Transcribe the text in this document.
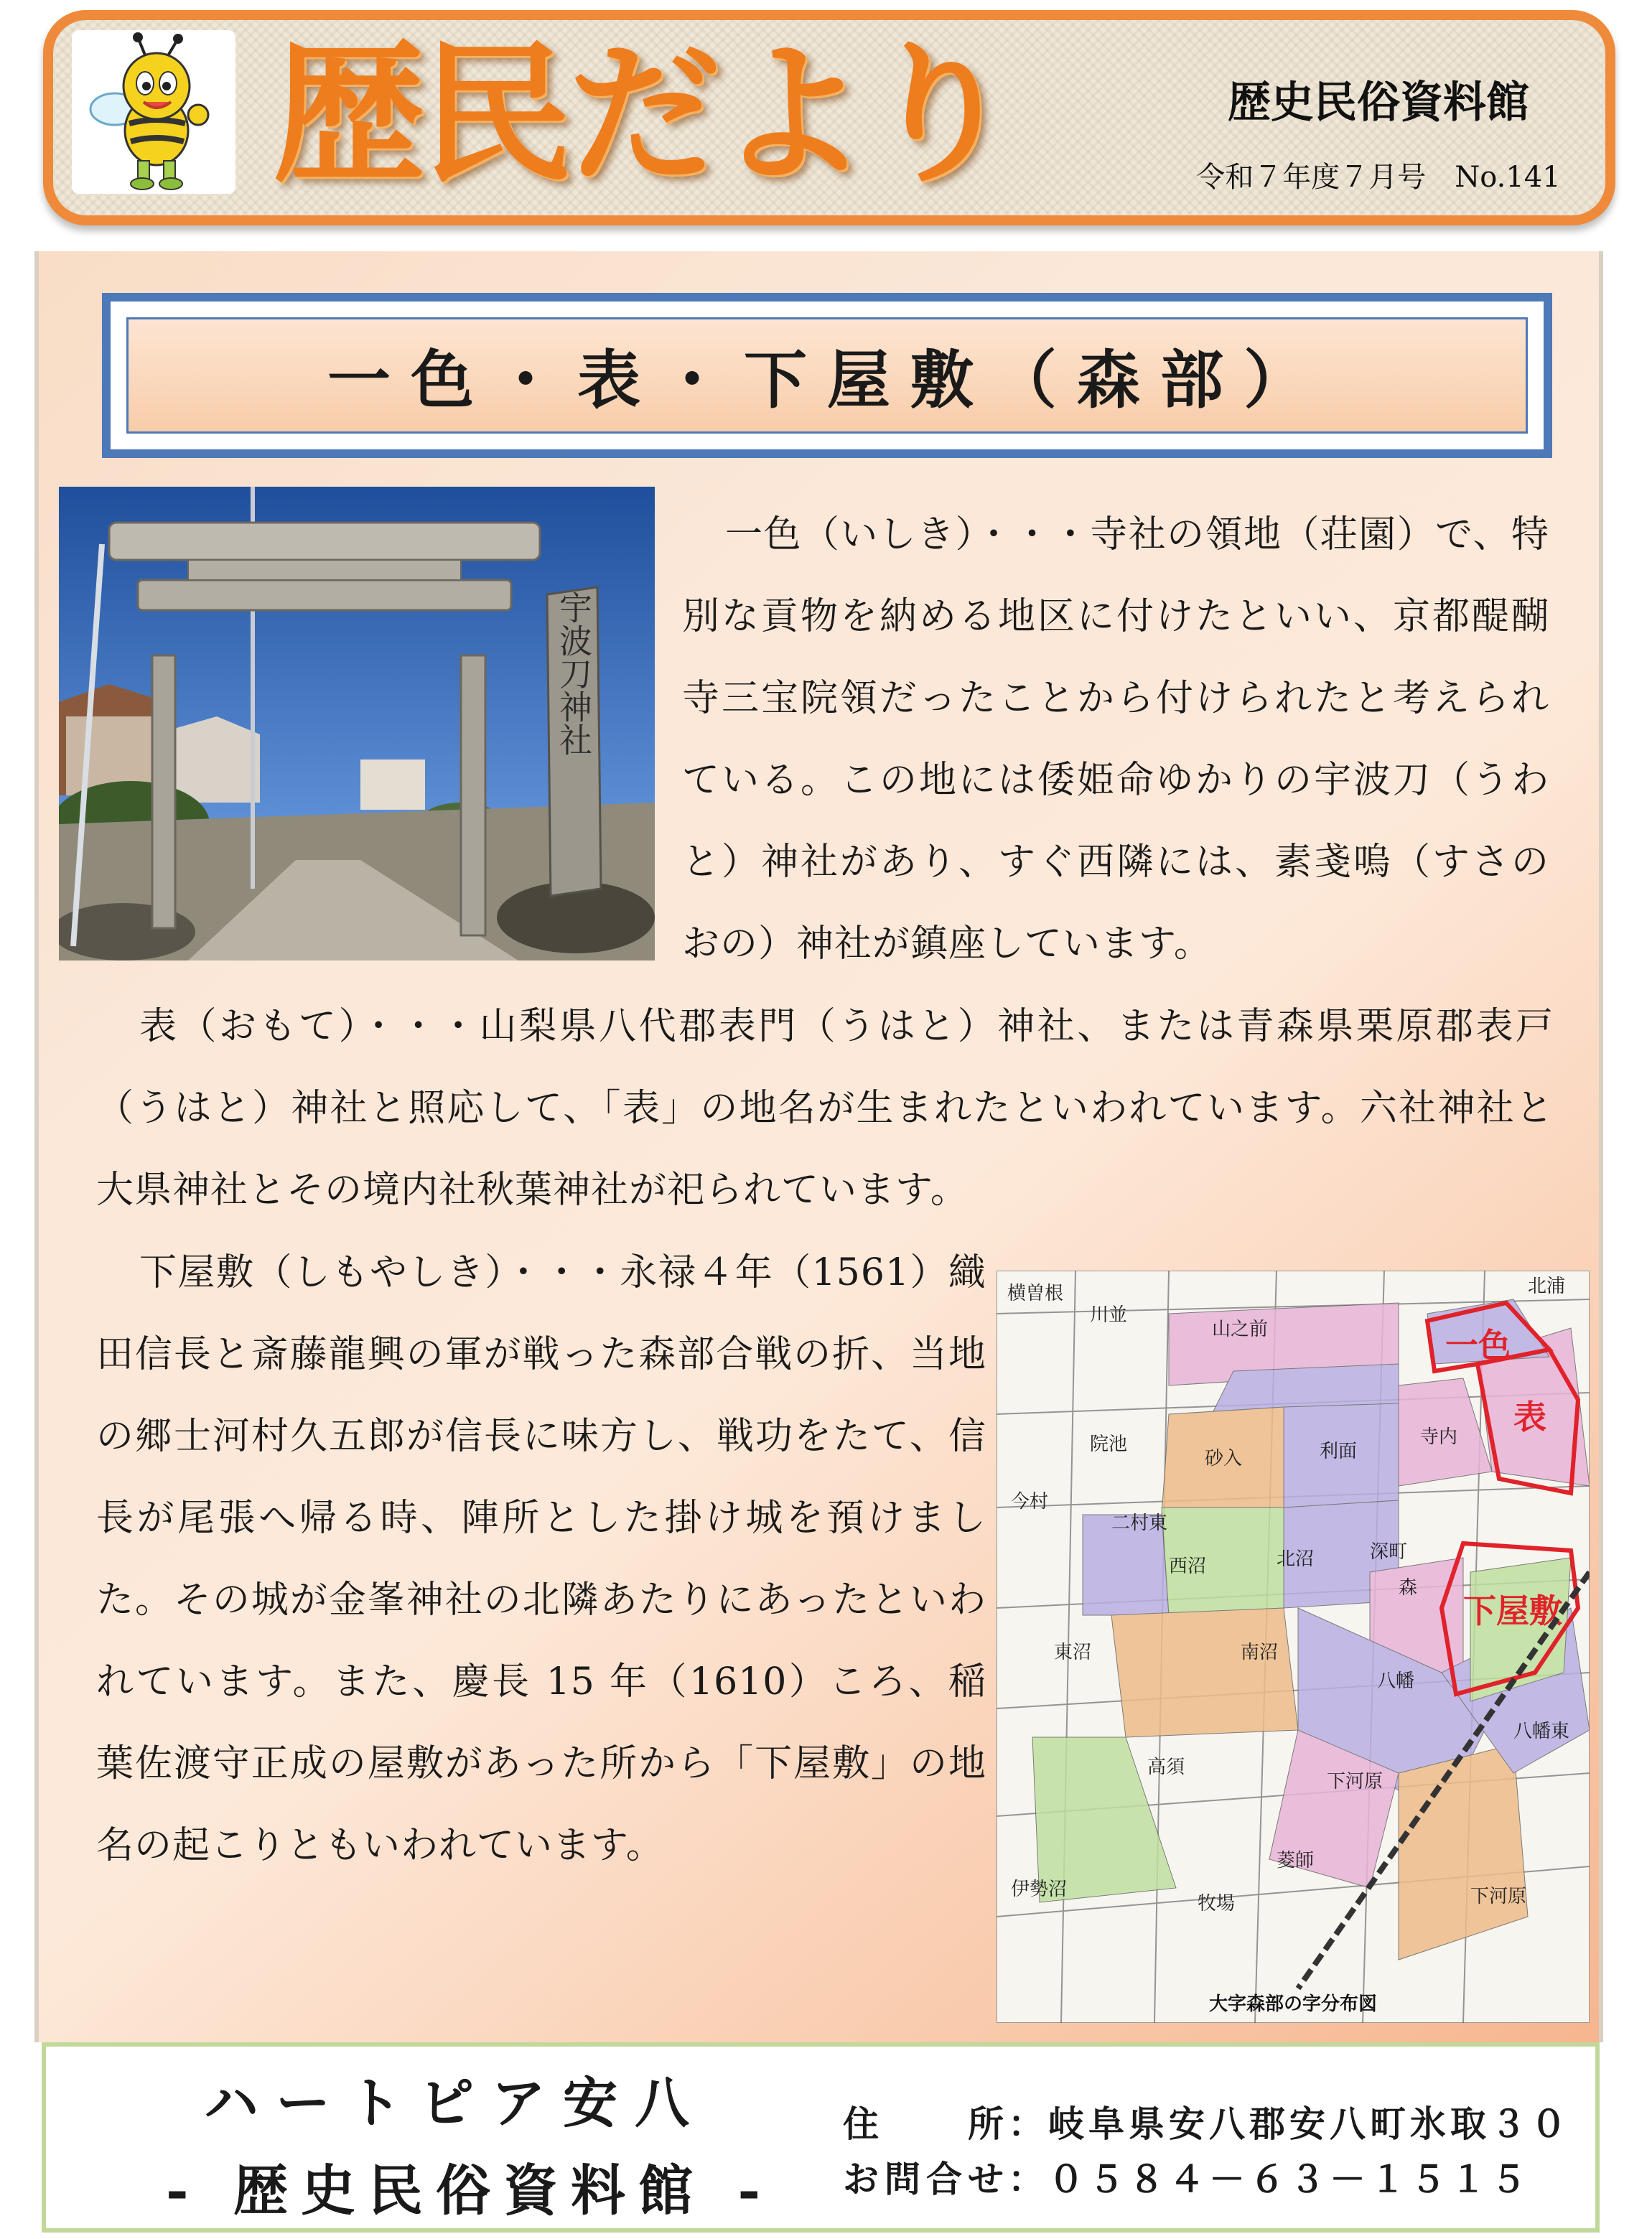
歴民だより	歴史民俗資料館
令和７年度７月号　No.141
一色・表・下屋敷（森部）
宇波刀神社

一色（いしき）・・・寺社の領地（荘園）で、特別な貢物を納める地区に付けたといい、京都醍醐寺三宝院領だったことから付けられたと考えられている。この地には倭姫命ゆかりの宇波刀（うわと）神社があり、すぐ西隣には、素戔嗚（すさのおの）神社が鎮座しています。

表（おもて）・・・山梨県八代郡表門（うはと）神社、または青森県栗原郡表戸（うはと）神社と照応して、「表」の地名が生まれたといわれています。六社神社と大県神社とその境内社秋葉神社が祀られています。

下屋敷（しもやしき）・・・永禄４年（1561）織田信長と斎藤龍興の軍が戦った森部合戦の折、当地の郷士河村久五郎が信長に味方し、戦功をたて、信長が尾張へ帰る時、陣所とした掛け城を預けました。その城が金峯神社の北隣あたりにあったといわれています。また、慶長 15 年（1610）ころ、稲葉佐渡守正成の屋敷があった所から「下屋敷」の地名の起こりともいわれています。

一色
表
下屋敷
横曽根
川並
山之前
北浦
院池
砂入	利面
寺内
二村東
今村
西沼	北沼	深町
森
東沼	南沼
八幡
高須
下河原
八幡東
伊勢沼
菱師
牧場	下河原
大字森部の字分布図
ハートピア安八
- 歴史民俗資料館 -
住　　所：岐阜県安八郡安八町氷取３０
お問合せ：０５８４－６３－１５１５
